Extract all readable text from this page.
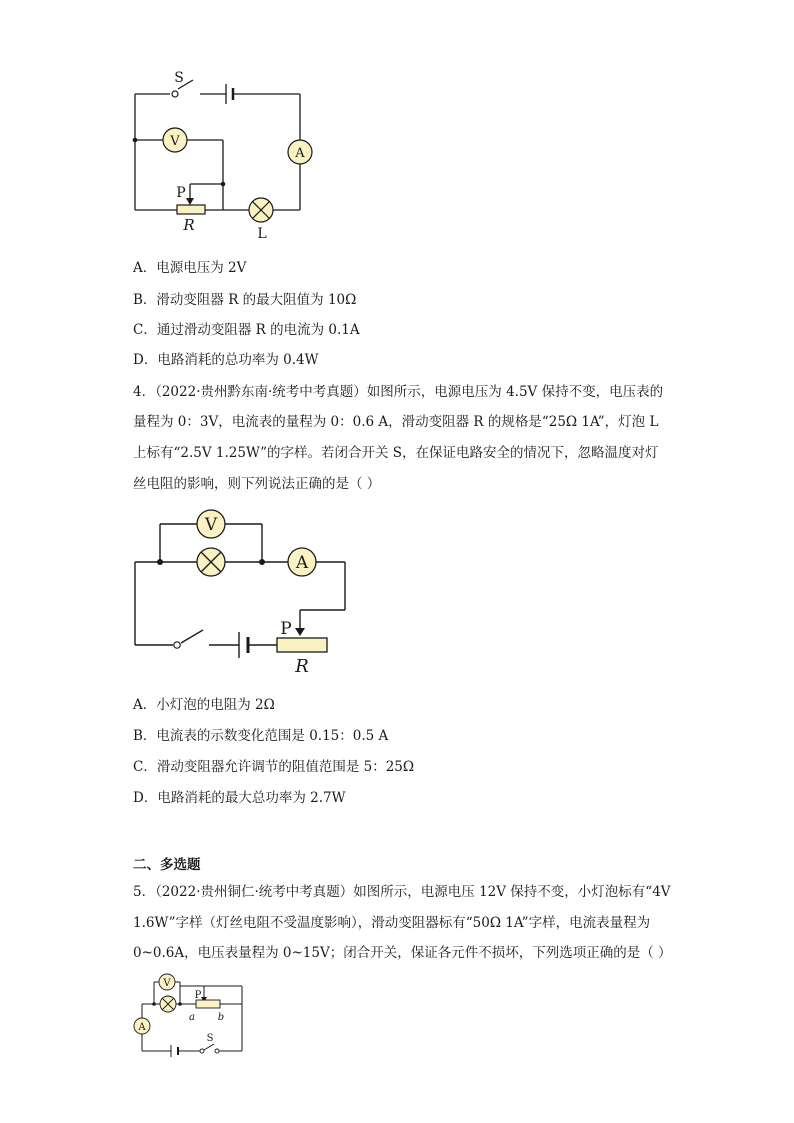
S
V
A
P
R	L
A．电源电压为 2V
B．滑动变阻器 R 的最大阻值为 10Ω
C．通过滑动变阻器 R 的电流为 0.1A
D．电路消耗的总功率为 0.4W
4．（2022·贵州黔东南·统考中考真题）如图所示，电源电压为 4.5V 保持不变，电压表的
量程为 0：3V，电流表的量程为 0：0.6 A，滑动变阻器 R 的规格是“25Ω 1A”，灯泡 L
上标有“2.5V 1.25W”的字样。若闭合开关 S，在保证电路安全的情况下，忽略温度对灯
丝电阻的影响，则下列说法正确的是（ ）
V
A
P
R
A．小灯泡的电阻为 2Ω
B．电流表的示数变化范围是 0.15：0.5 A
C．滑动变阻器允许调节的阻值范围是 5：25Ω
D．电路消耗的最大总功率为 2.7W
二、多选题
5．（2022·贵州铜仁·统考中考真题）如图所示，电源电压 12V 保持不变，小灯泡标有“4V
1.6W”字样（灯丝电阻不受温度影响），滑动变阻器标有“50Ω 1A”字样，电流表量程为
0~0.6A，电压表量程为 0~15V；闭合开关，保证各元件不损坏，下列选项正确的是（ ）
V
A
P
a b
S
